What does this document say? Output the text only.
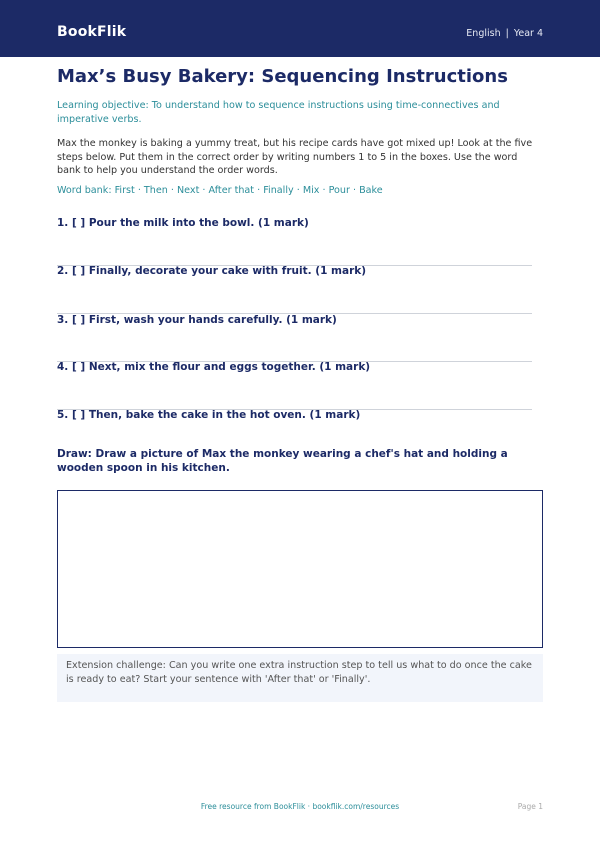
BookFlik	English | Year 4
Max’s Busy Bakery: Sequencing Instructions

Learning objective: To understand how to sequence instructions using time-connectives and imperative verbs.

Max the monkey is baking a yummy treat, but his recipe cards have got mixed up! Look at the five steps below. Put them in the correct order by writing numbers 1 to 5 in the boxes. Use the word bank to help you understand the order words.

Word bank: First · Then · Next · After that · Finally · Mix · Pour · Bake

1. [ ] Pour the milk into the bowl. (1 mark)
2. [ ] Finally, decorate your cake with fruit. (1 mark)
3. [ ] First, wash your hands carefully. (1 mark)
4. [ ] Next, mix the flour and eggs together. (1 mark)
5. [ ] Then, bake the cake in the hot oven. (1 mark)

Draw: Draw a picture of Max the monkey wearing a chef's hat and holding a wooden spoon in his kitchen.

Extension challenge: Can you write one extra instruction step to tell us what to do once the cake is ready to eat? Start your sentence with 'After that' or 'Finally'.
Free resource from BookFlik · bookflik.com/resources	Page 1
